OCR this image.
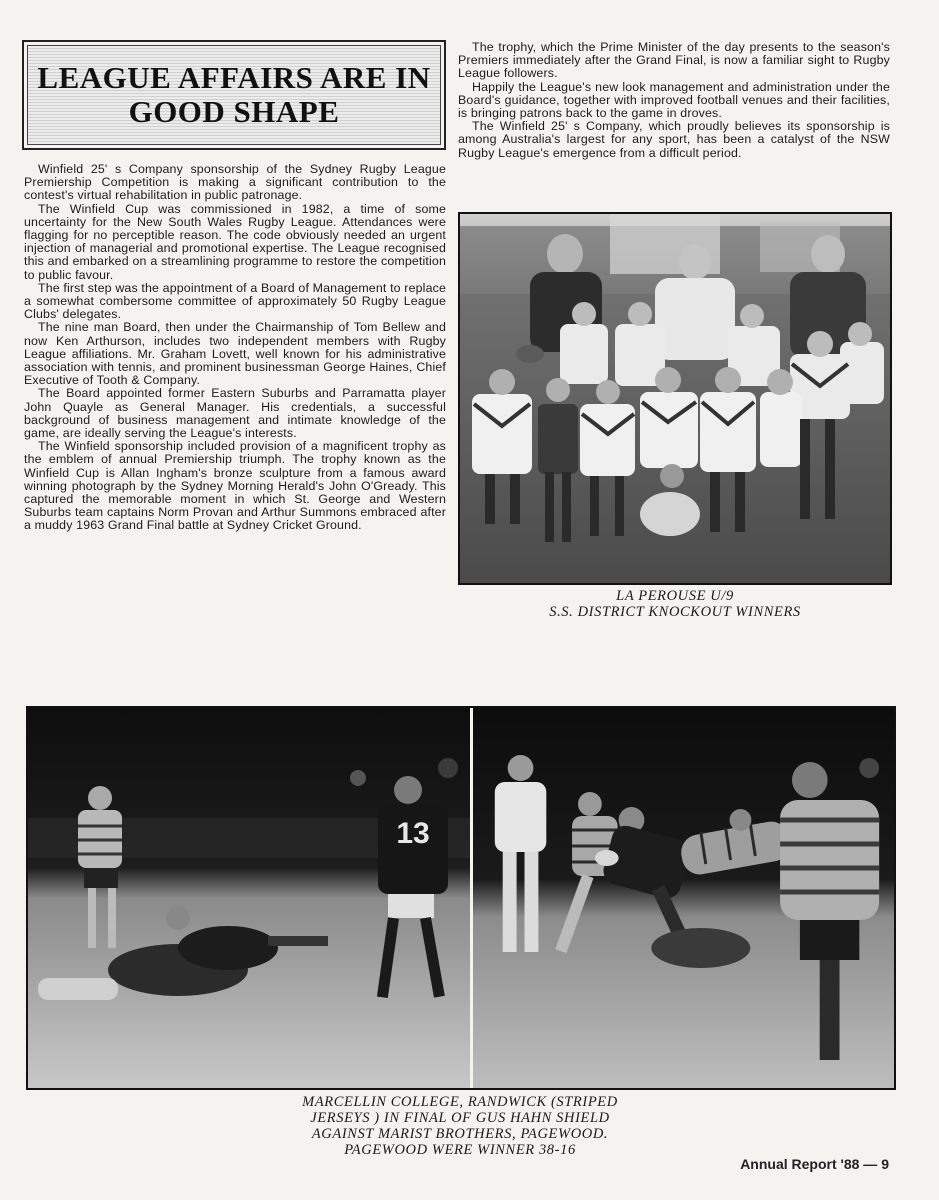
LEAGUE AFFAIRS ARE IN
GOOD SHAPE

Winfield 25' s Company sponsorship of the Sydney Rugby League Premiership Competition is making a significant contribution to the contest's virtual rehabilitation in public patronage.

The Winfield Cup was commissioned in 1982, a time of some uncertainty for the New South Wales Rugby League. Attendances were flagging for no perceptible reason. The code obviously needed an urgent injection of managerial and promotional expertise. The League recognised this and embarked on a streamlining programme to restore the competition to public favour.

The first step was the appointment of a Board of Management to replace a somewhat combersome committee of approximately 50 Rugby League Clubs' delegates.

The nine man Board, then under the Chairmanship of Tom Bellew and now Ken Arthurson, includes two independent members with Rugby League affiliations. Mr. Graham Lovett, well known for his administrative association with tennis, and prominent businessman George Haines, Chief Executive of Tooth & Company.

The Board appointed former Eastern Suburbs and Parramatta player John Quayle as General Manager. His credentials, a successful background of business management and intimate knowledge of the game, are ideally serving the League's interests.

The Winfield sponsorship included provision of a magnificent trophy as the emblem of annual Premiership triumph. The trophy known as the Winfield Cup is Allan Ingham's bronze sculpture from a famous award winning photograph by the Sydney Morning Herald's John O'Gready. This captured the memorable moment in which St. George and Western Suburbs team captains Norm Provan and Arthur Summons embraced after a muddy 1963 Grand Final battle at Sydney Cricket Ground.

The trophy, which the Prime Minister of the day presents to the season's Premiers immediately after the Grand Final, is now a familiar sight to Rugby League followers.

Happily the League's new look management and administration under the Board's guidance, together with improved football venues and their facilities, is bringing patrons back to the game in droves.

The Winfield 25' s Company, which proudly believes its sponsorship is among Australia's largest for any sport, has been a catalyst of the NSW Rugby League's emergence from a difficult period.

LA PEROUSE U/9
S.S. DISTRICT KNOCKOUT WINNERS
13
MARCELLIN COLLEGE, RANDWICK (STRIPED
JERSEYS ) IN FINAL OF GUS HAHN SHIELD
AGAINST MARIST BROTHERS, PAGEWOOD.
PAGEWOOD WERE WINNER 38-16
Annual Report '88 — 9
